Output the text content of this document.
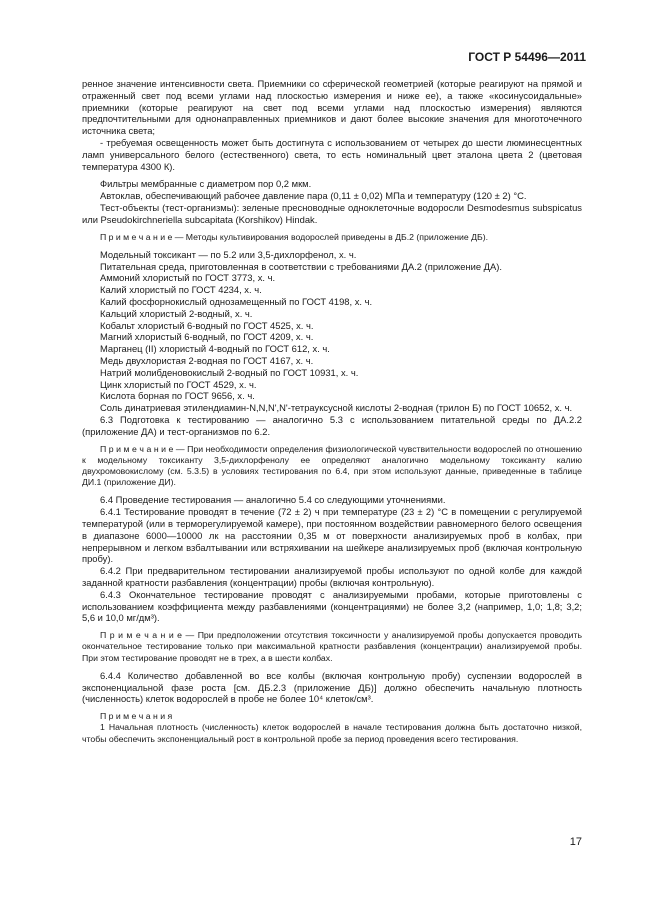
ГОСТ Р 54496—2011

ренное значение интенсивности света. Приемники со сферической геометрией (которые реагируют на прямой и отраженный свет под всеми углами над плоскостью измерения и ниже ее), а также «косинусоидальные» приемники (которые реагируют на свет под всеми углами над плоскостью измерения) являются предпочтительными для однонаправленных приемников и дают более высокие значения для многоточечного источника света;

- требуемая освещенность может быть достигнута с использованием от четырех до шести люминесцентных ламп универсального белого (естественного) света, то есть номинальный цвет эталона цвета 2 (цветовая температура 4300 К).

Фильтры мембранные с диаметром пор 0,2 мкм.

Автоклав, обеспечивающий рабочее давление пара (0,11 ± 0,02) МПа и температуру (120 ± 2) °С.

Тест-объекты (тест-организмы): зеленые пресноводные одноклеточные водоросли Desmodesmus subspicatus или Pseudokirchneriella subcapitata (Korshikov) Hindak.

П р и м е ч а н и е — Методы культивирования водорослей приведены в ДБ.2 (приложение ДБ).

Модельный токсикант — по 5.2 или 3,5-дихлорфенол, х. ч.

Питательная среда, приготовленная в соответствии с требованиями ДА.2 (приложение ДА).

Аммоний хлористый по ГОСТ 3773, х. ч.

Калий хлористый по ГОСТ 4234, х. ч.

Калий фосфорнокислый однозамещенный по ГОСТ 4198, х. ч.

Кальций хлористый 2-водный, х. ч.

Кобальт хлористый 6-водный по ГОСТ 4525, х. ч.

Магний хлористый 6-водный, по ГОСТ 4209, х. ч.

Марганец (II) хлористый 4-водный по ГОСТ 612, х. ч.

Медь двухлористая 2-водная по ГОСТ 4167, х. ч.

Натрий молибденовокислый 2-водный по ГОСТ 10931, х. ч.

Цинк хлористый по ГОСТ 4529, х. ч.

Кислота борная по ГОСТ 9656, х. ч.

Соль динатриевая этилендиамин-N,N,N',N'-тетрауксусной кислоты 2-водная (трилон Б) по ГОСТ 10652, х. ч.

6.3 Подготовка к тестированию — аналогично 5.3 с использованием питательной среды по ДА.2.2 (приложение ДА) и тест-организмов по 6.2.

П р и м е ч а н и е — При необходимости определения физиологической чувствительности водорослей по отношению к модельному токсиканту 3,5-дихлорфенолу ее определяют аналогично модельному токсиканту калию двухромовокислому (см. 5.3.5) в условиях тестирования по 6.4, при этом используют данные, приведенные в таблице ДИ.1 (приложение ДИ).

6.4 Проведение тестирования — аналогично 5.4 со следующими уточнениями.

6.4.1 Тестирование проводят в течение (72 ± 2) ч при температуре (23 ± 2) °С в помещении с регулируемой температурой (или в терморегулируемой камере), при постоянном воздействии равномерного белого освещения в диапазоне 6000—10000 лк на расстоянии 0,35 м от поверхности анализируемых проб в колбах, при непрерывном и легком взбалтывании или встряхивании на шейкере анализируемых проб (включая контрольную пробу).

6.4.2 При предварительном тестировании анализируемой пробы используют по одной колбе для каждой заданной кратности разбавления (концентрации) пробы (включая контрольную).

6.4.3 Окончательное тестирование проводят с анализируемыми пробами, которые приготовлены с использованием коэффициента между разбавлениями (концентрациями) не более 3,2 (например, 1,0; 1,8; 3,2; 5,6 и 10,0 мг/дм³).

П р и м е ч а н и е — При предположении отсутствия токсичности у анализируемой пробы допускается проводить окончательное тестирование только при максимальной кратности разбавления (концентрации) анализируемой пробы. При этом тестирование проводят не в трех, а в шести колбах.

6.4.4 Количество добавленной во все колбы (включая контрольную пробу) суспензии водорослей в экспоненциальной фазе роста [см. ДБ.2.3 (приложение ДБ)] должно обеспечить начальную плотность (численность) клеток водорослей в пробе не более 10⁴ клеток/см³.

П р и м е ч а н и я

1 Начальная плотность (численность) клеток водорослей в начале тестирования должна быть достаточно низкой, чтобы обеспечить экспоненциальный рост в контрольной пробе за период проведения всего тестирования.

17
